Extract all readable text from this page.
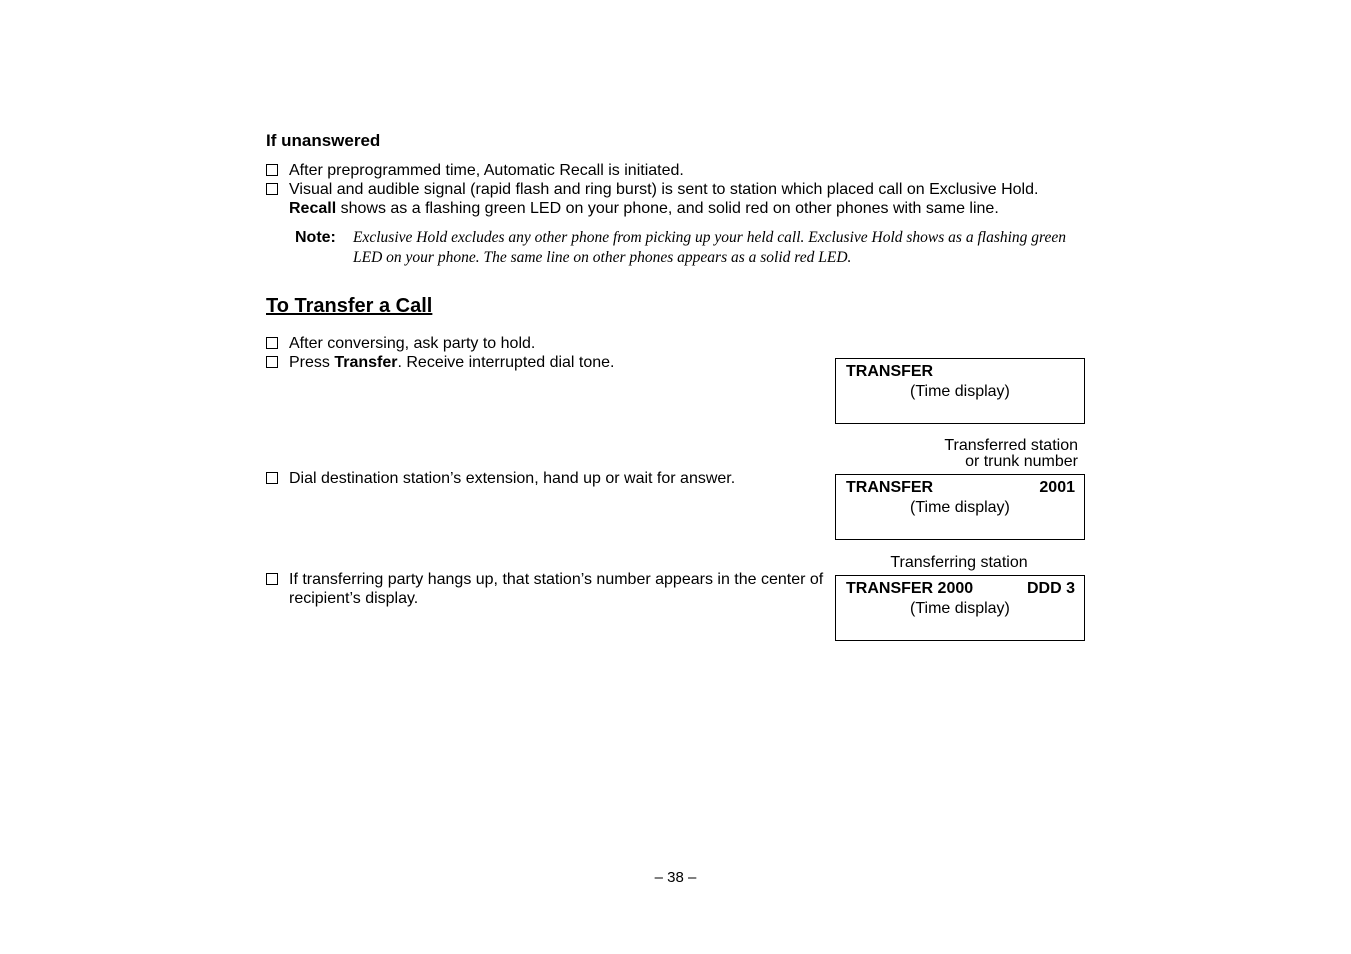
If unanswered
After preprogrammed time, Automatic Recall is initiated.
Visual and audible signal (rapid flash and ring burst) is sent to station which placed call on Exclusive Hold. Recall shows as a flashing green LED on your phone, and solid red on other phones with same line.
Note: Exclusive Hold excludes any other phone from picking up your held call. Exclusive Hold shows as a flashing green LED on your phone. The same line on other phones appears as a solid red LED.
To Transfer a Call
After conversing, ask party to hold.
Press Transfer. Receive interrupted dial tone.
Dial destination station’s extension, hand up or wait for answer.
If transferring party hangs up, that station’s number appears in the center of recipient’s display.
TRANSFER
(Time display)
Transferred station
or trunk number
TRANSFER	2001
(Time display)
Transferring station
TRANSFER 2000	DDD 3
(Time display)
– 38 –
